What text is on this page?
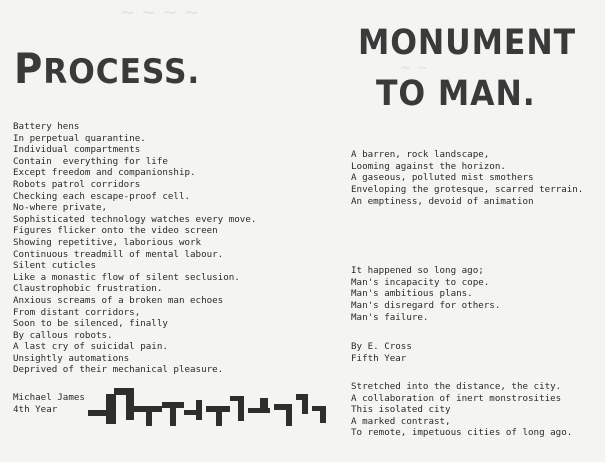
~ ~ ~ ~
~ ~
PROCESS.
Battery hens
In perpetual quarantine.
Individual compartments
Contain  everything for life
Except freedom and companionship.
Robots patrol corridors
Checking each escape-proof cell.
No-where private,
Sophisticated technology watches every move.
Figures flicker onto the video screen
Showing repetitive, laborious work
Continuous treadmill of mental labour.
Silent cuticles
Like a monastic flow of silent seclusion.
Claustrophobic frustration.
Anxious screams of a broken man echoes
From distant corridors,
Soon to be silenced, finally
By callous robots.
A last cry of suicidal pain.
Unsightly automations
Deprived of their mechanical pleasure.
Michael James
4th Year
MONUMENT
TO MAN.

A barren, rock landscape,
Looming against the horizon.
A gaseous, polluted mist smothers
Enveloping the grotesque, scarred terrain.
An emptiness, devoid of animation

It happened so long ago;
Man's incapacity to cope.
Man's ambitious plans.
Man's disregard for others.
Man's failure.

Stretched into the distance, the city.
A collaboration of inert monstrosities
This isolated city
A marked contrast,
To remote, impetuous cities of long ago.

By E. Cross
Fifth Year
